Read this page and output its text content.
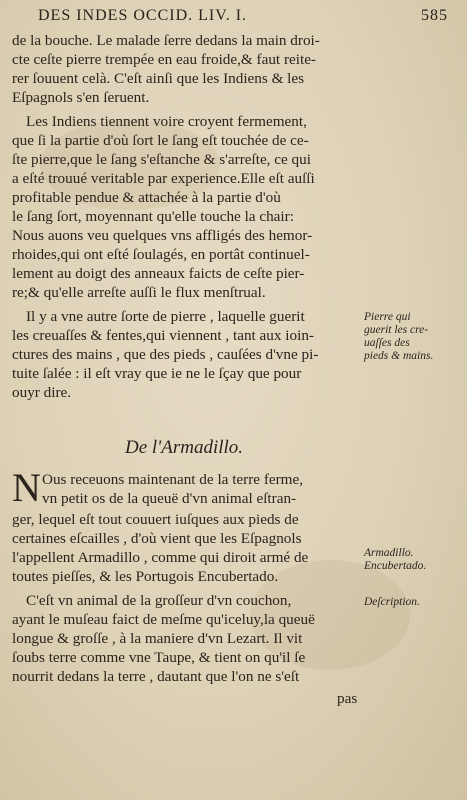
DES INDES OCCID. LIV. I.	585
de la bouche. Le malade ſerre dedans la main droi-
cte ceſte pierre trempée en eau froide,& faut reite-
rer ſouuent celà. C'eſt ainſi que les Indiens & les
Eſpagnols s'en ſeruent.
Les Indiens tiennent voire croyent fermement,
que ſi la partie d'où ſort le ſang eſt touchée de ce-
ſte pierre,que le ſang s'eſtanche & s'arreſte, ce qui
a eſté trouué veritable par experience.Elle eſt auſſi
profitable pendue & attachée à la partie d'où
le ſang ſort, moyennant qu'elle touche la chair:
Nous auons veu quelques vns affligés des hemor-
rhoides,qui ont eſté ſoulagés, en portât continuel-
lement au doigt des anneaux faicts de ceſte pier-
re;& qu'elle arreſte auſſi le flux menſtrual.
Il y a vne autre ſorte de pierre , laquelle guerit
les creuaſſes & fentes,qui viennent , tant aux ioin-
ctures des mains , que des pieds , cauſées d'vne pi-
tuite ſalée : il eſt vray que ie ne le ſçay que pour
ouyr dire.
Pierre qui
guerit les cre-
uaſſes des
pieds & mains.
De l'Armadillo.
N Ous receuons maintenant de la terre ferme,
vn petit os de la queuë d'vn animal eſtran-
ger, lequel eſt tout couuert iuſques aux pieds de
certaines eſcailles , d'où vient que les Eſpagnols
l'appellent Armadillo , comme qui diroit armé de
toutes pieſſes, & les Portugois Encubertado.
C'eſt vn animal de la groſſeur d'vn couchon,
ayant le muſeau faict de meſme qu'iceluy,la queuë
longue & groſſe , à la maniere d'vn Lezart. Il vit
ſoubs terre comme vne Taupe, & tient on qu'il ſe
nourrit dedans la terre , dautant que l'on ne s'eſt
Armadillo.
Encubertado.
Deſcription.
pas
